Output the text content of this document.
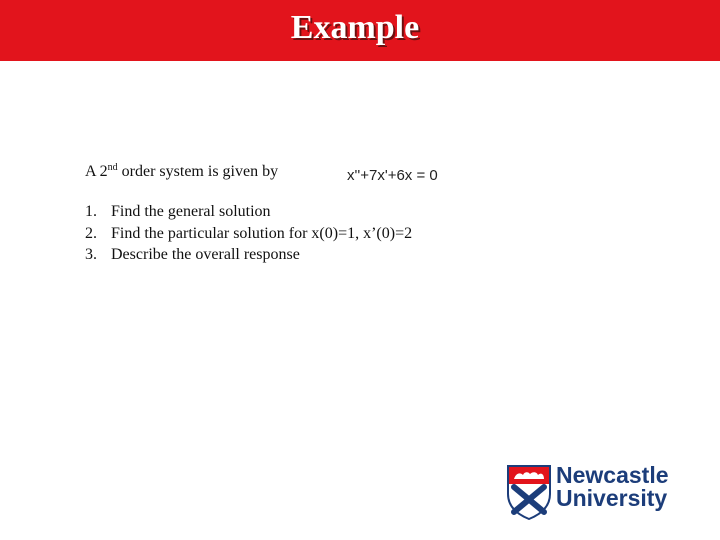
Example
A 2nd order system is given by	x''+7x'+6x = 0
1. Find the general solution
2. Find the particular solution for x(0)=1, x’(0)=2
3. Describe the overall response
Newcastle
University
